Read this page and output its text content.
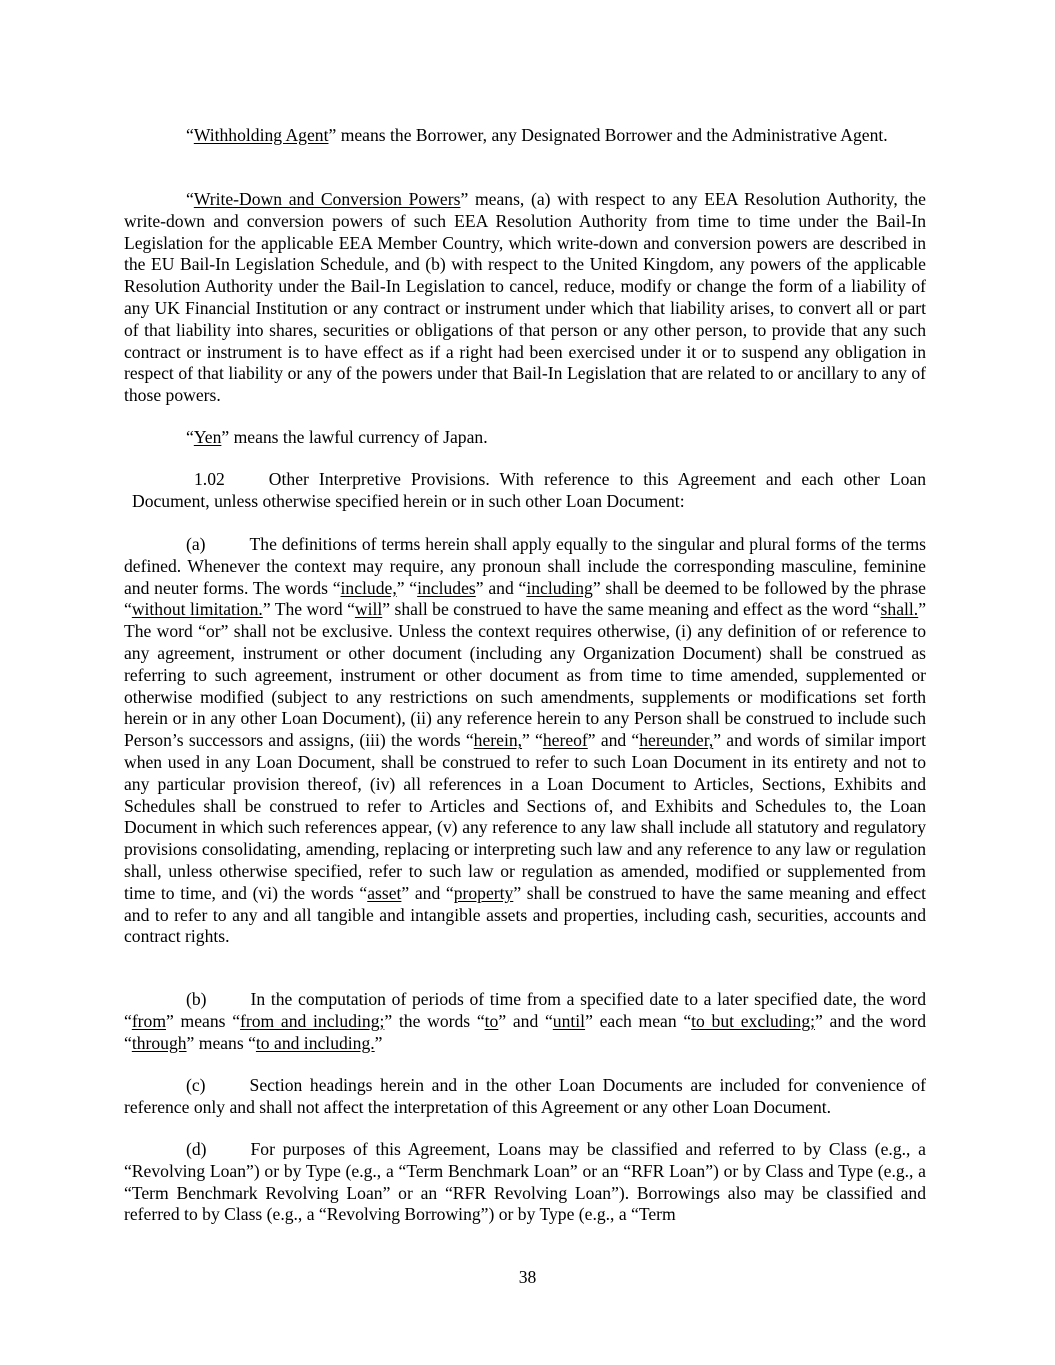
“Withholding Agent” means the Borrower, any Designated Borrower and the Administrative Agent.

“Write-Down and Conversion Powers” means, (a) with respect to any EEA Resolution Authority, the write-down and conversion powers of such EEA Resolution Authority from time to time under the Bail-In Legislation for the applicable EEA Member Country, which write-down and conversion powers are described in the EU Bail-In Legislation Schedule, and (b) with respect to the United Kingdom, any powers of the applicable Resolution Authority under the Bail-In Legislation to cancel, reduce, modify or change the form of a liability of any UK Financial Institution or any contract or instrument under which that liability arises, to convert all or part of that liability into shares, securities or obligations of that person or any other person, to provide that any such contract or instrument is to have effect as if a right had been exercised under it or to suspend any obligation in respect of that liability or any of the powers under that Bail-In Legislation that are related to or ancillary to any of those powers.

“Yen” means the lawful currency of Japan.

1.02	Other Interpretive Provisions. With reference to this Agreement and each other Loan Document, unless otherwise specified herein or in such other Loan Document:

(a)	The definitions of terms herein shall apply equally to the singular and plural forms of the terms defined. Whenever the context may require, any pronoun shall include the corresponding masculine, feminine and neuter forms. The words “include,” “includes” and “including” shall be deemed to be followed by the phrase “without limitation.” The word “will” shall be construed to have the same meaning and effect as the word “shall.” The word “or” shall not be exclusive. Unless the context requires otherwise, (i) any definition of or reference to any agreement, instrument or other document (including any Organization Document) shall be construed as referring to such agreement, instrument or other document as from time to time amended, supplemented or otherwise modified (subject to any restrictions on such amendments, supplements or modifications set forth herein or in any other Loan Document), (ii) any reference herein to any Person shall be construed to include such Person’s successors and assigns, (iii) the words “herein,” “hereof” and “hereunder,” and words of similar import when used in any Loan Document, shall be construed to refer to such Loan Document in its entirety and not to any particular provision thereof, (iv) all references in a Loan Document to Articles, Sections, Exhibits and Schedules shall be construed to refer to Articles and Sections of, and Exhibits and Schedules to, the Loan Document in which such references appear, (v) any reference to any law shall include all statutory and regulatory provisions consolidating, amending, replacing or interpreting such law and any reference to any law or regulation shall, unless otherwise specified, refer to such law or regulation as amended, modified or supplemented from time to time, and (vi) the words “asset” and “property” shall be construed to have the same meaning and effect and to refer to any and all tangible and intangible assets and properties, including cash, securities, accounts and contract rights.

(b)	In the computation of periods of time from a specified date to a later specified date, the word “from” means “from and including;” the words “to” and “until” each mean “to but excluding;” and the word “through” means “to and including.”

(c)	Section headings herein and in the other Loan Documents are included for convenience of reference only and shall not affect the interpretation of this Agreement or any other Loan Document.

(d)	For purposes of this Agreement, Loans may be classified and referred to by Class (e.g., a “Revolving Loan”) or by Type (e.g., a “Term Benchmark Loan” or an “RFR Loan”) or by Class and Type (e.g., a “Term Benchmark Revolving Loan” or an “RFR Revolving Loan”). Borrowings also may be classified and referred to by Class (e.g., a “Revolving Borrowing”) or by Type (e.g., a “Term

38
